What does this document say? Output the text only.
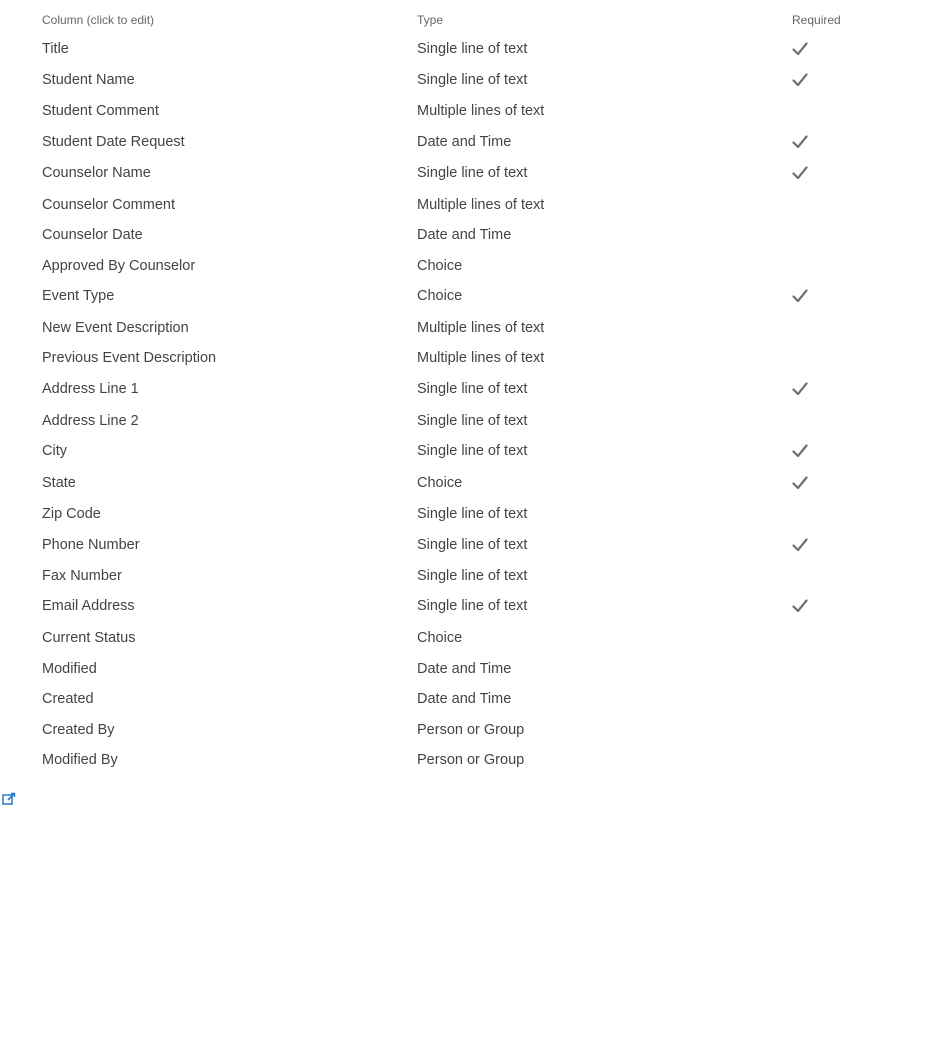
Column (click to edit)	Type	Required
Title	Single line of text
Student Name	Single line of text
Student Comment	Multiple lines of text
Student Date Request	Date and Time
Counselor Name	Single line of text
Counselor Comment	Multiple lines of text
Counselor Date	Date and Time
Approved By Counselor	Choice
Event Type	Choice
New Event Description	Multiple lines of text
Previous Event Description	Multiple lines of text
Address Line 1	Single line of text
Address Line 2	Single line of text
City	Single line of text
State	Choice
Zip Code	Single line of text
Phone Number	Single line of text
Fax Number	Single line of text
Email Address	Single line of text
Current Status	Choice
Modified	Date and Time
Created	Date and Time
Created By	Person or Group
Modified By	Person or Group
